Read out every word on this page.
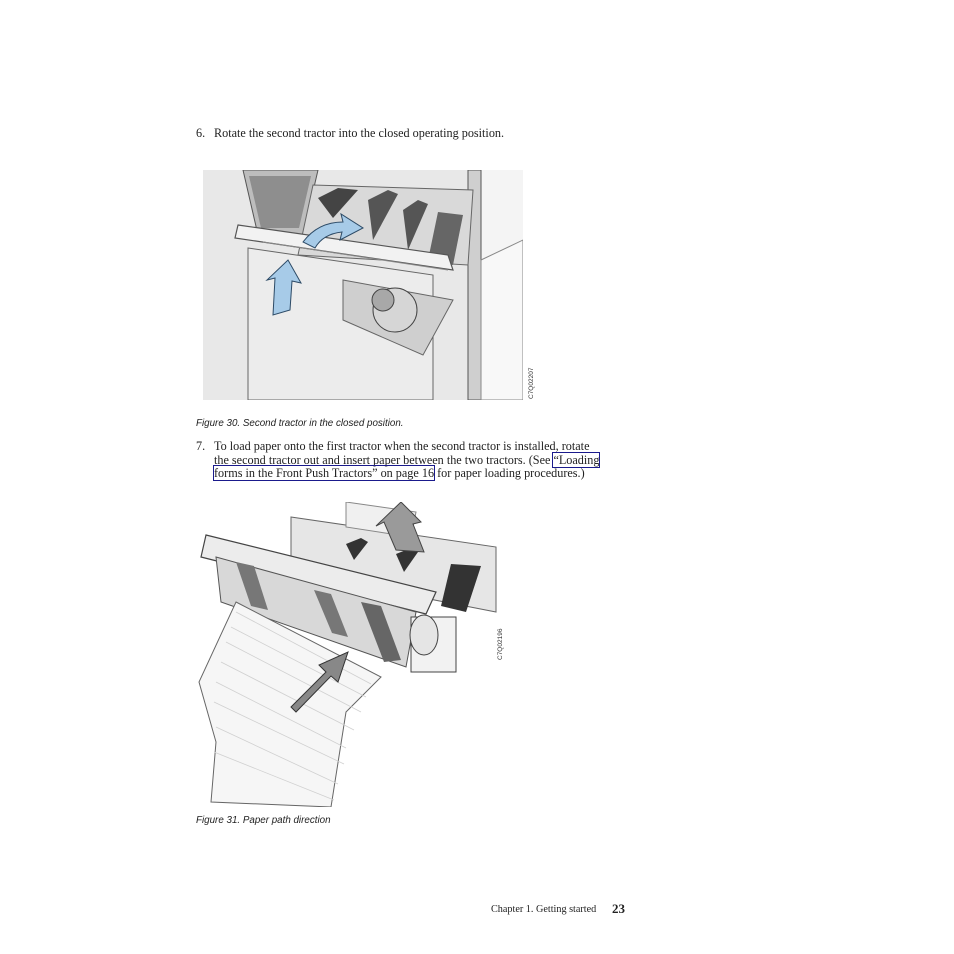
6. Rotate the second tractor into the closed operating position.
C7Q02207
Figure 30. Second tractor in the closed position.
7. To load paper onto the first tractor when the second tractor is installed, rotate
the second tractor out and insert paper between the two tractors. (See “Loading
forms in the Front Push Tractors” on page 16 for paper loading procedures.)
C7Q02196
Figure 31. Paper path direction
Chapter 1. Getting started 23
